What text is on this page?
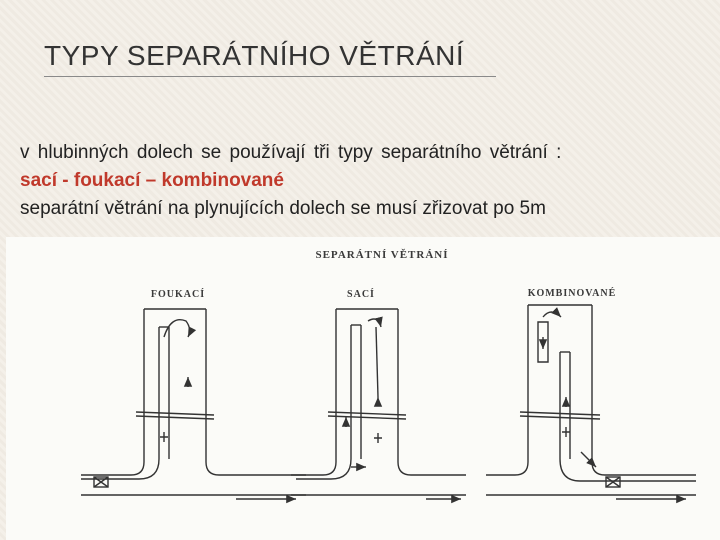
TYPY SEPARÁTNÍHO VĚTRÁNÍ
v hlubinných dolech se používají tři typy separátního větrání :
sací - foukací – kombinované
separátní větrání na plynujících dolech se musí zřizovat po 5m
SEPARÁTNÍ VĚTRÁNÍ
FOUKACÍ	SACÍ	KOMBINOVANÉ
